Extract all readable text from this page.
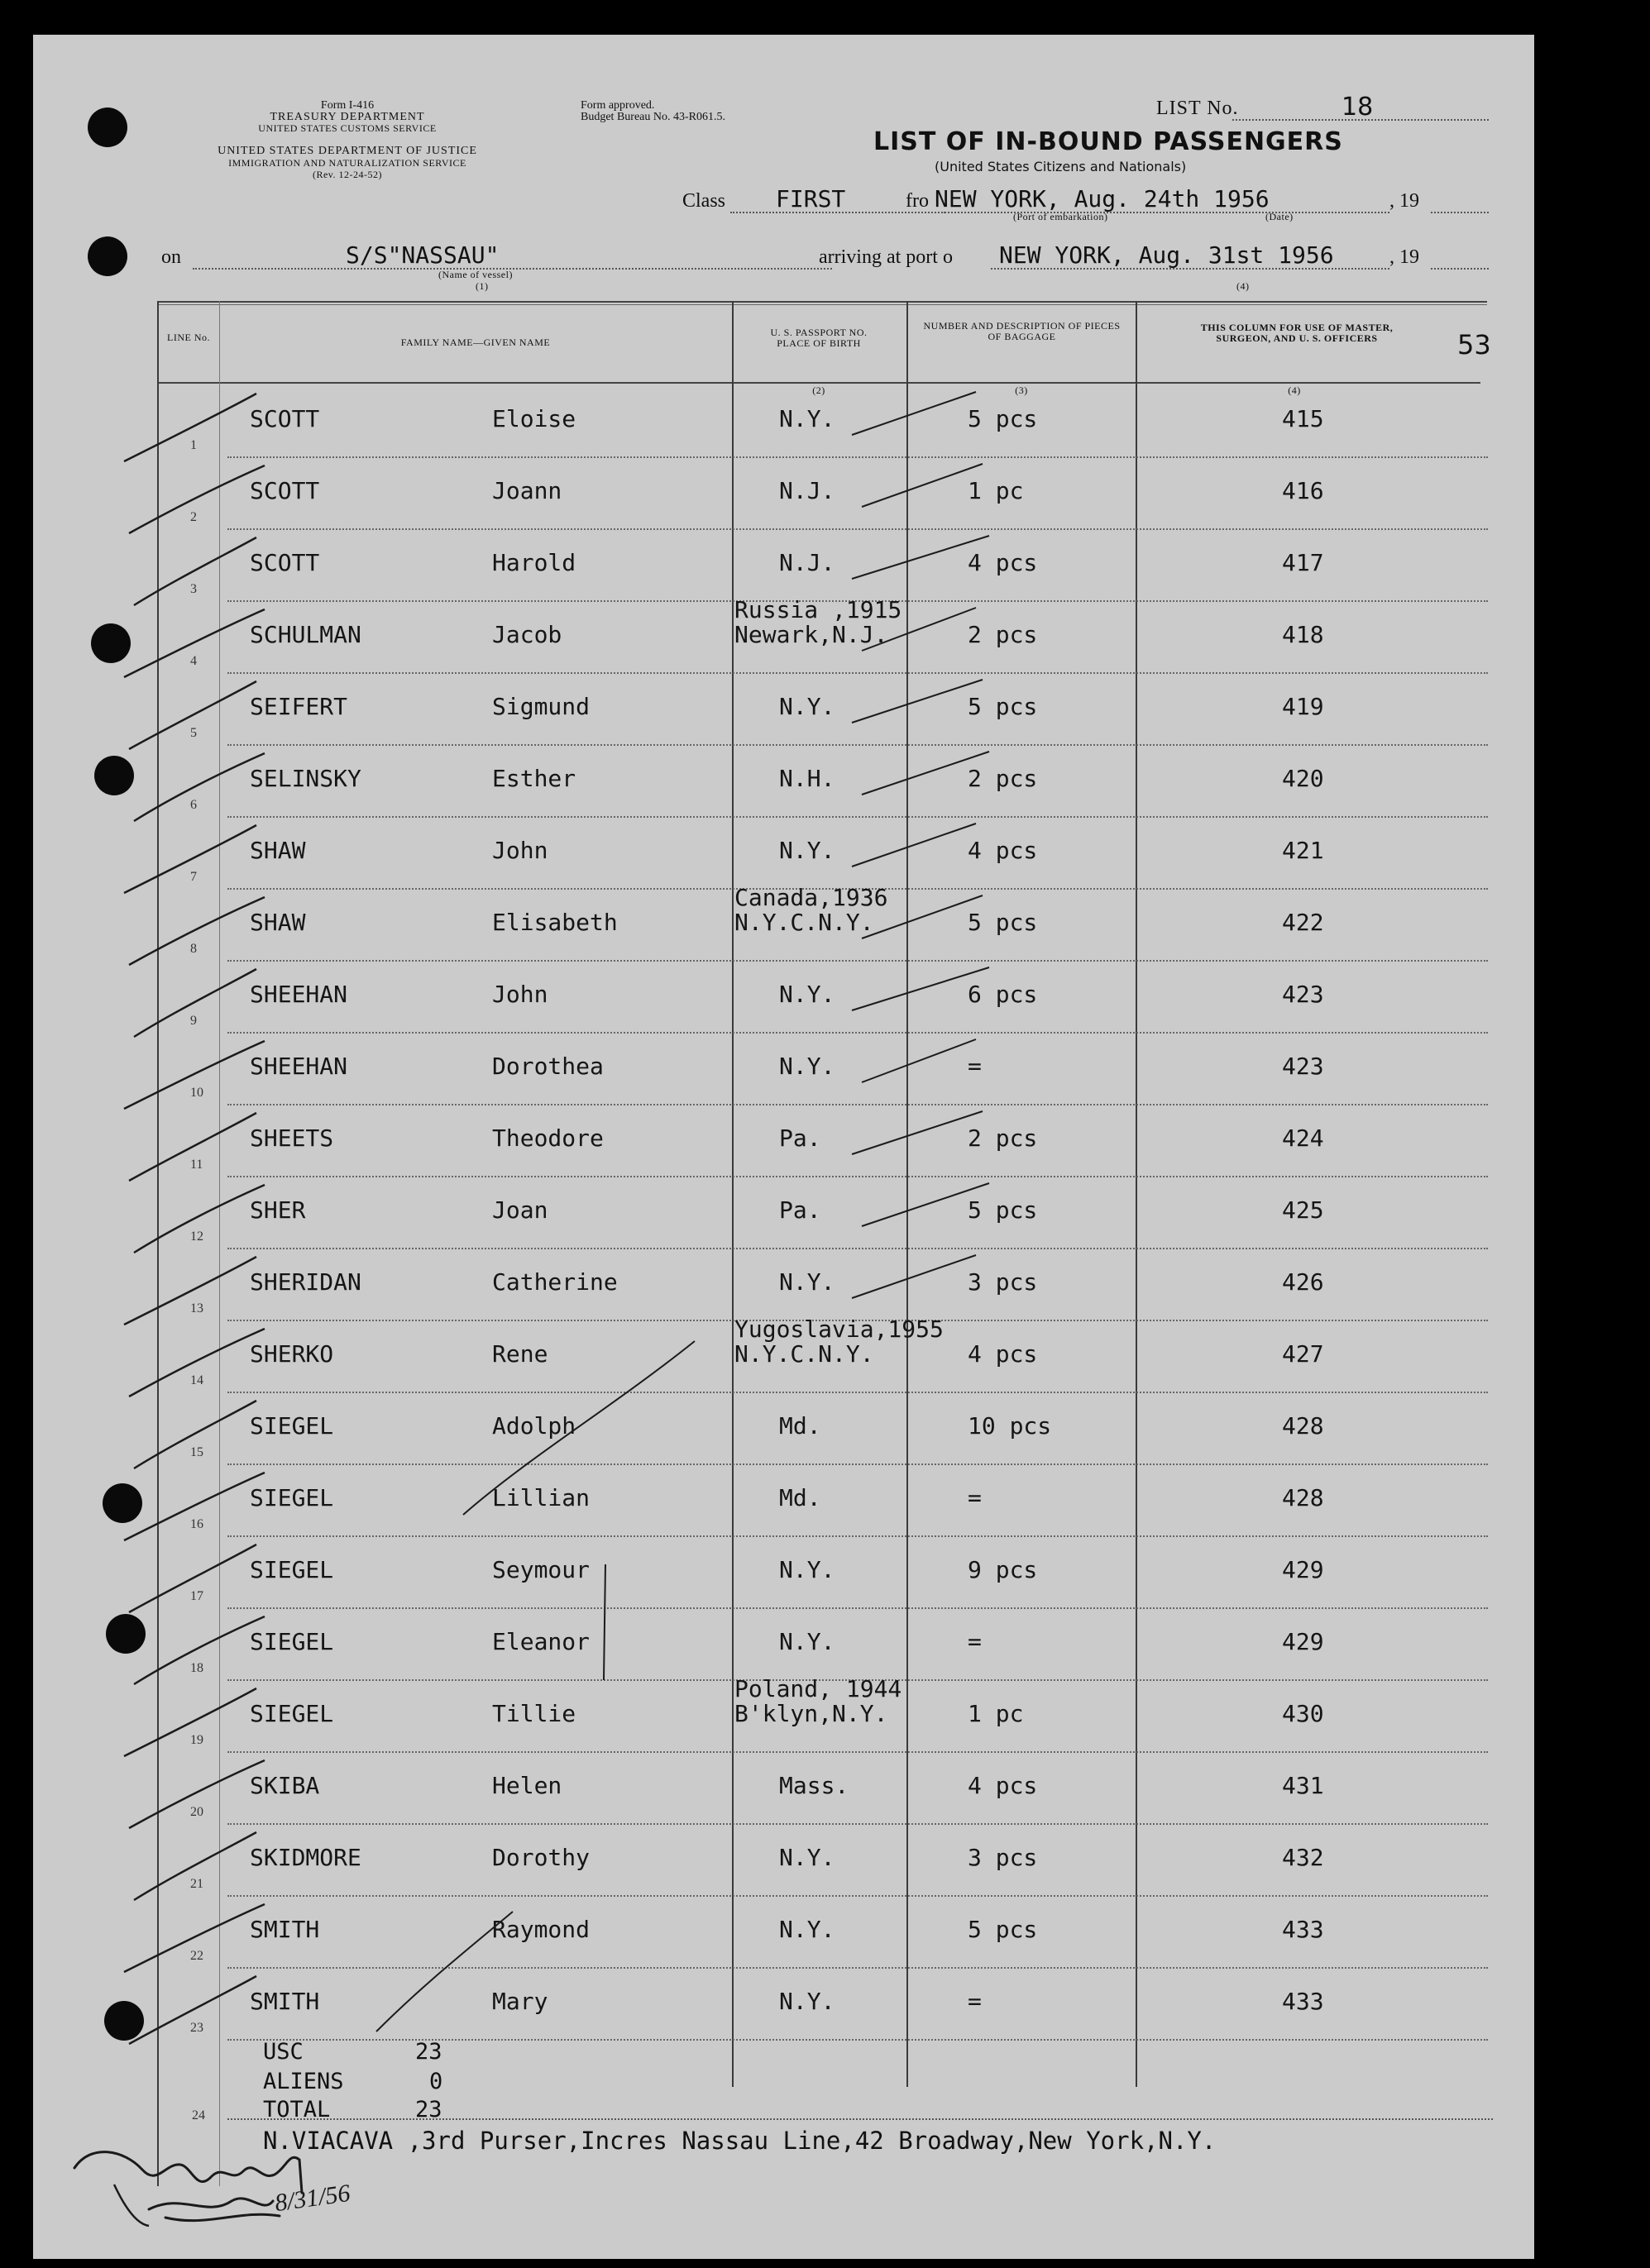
Form I-416
TREASURY DEPARTMENT
UNITED STATES CUSTOMS SERVICE
UNITED STATES DEPARTMENT OF JUSTICE
IMMIGRATION AND NATURALIZATION SERVICE
(Rev. 12-24-52)
Form approved.
Budget Bureau No. 43-R061.5.	LIST No.	18
LIST OF IN-BOUND PASSENGERS
(United States Citizens and Nationals)
Class FIRST	fro NEW YORK, Aug. 24th 1956	, 19
(Port of embarkation)	(Date)
on	S/S"NASSAU"
(Name of vessel)
(1)
arriving at port o NEW YORK, Aug. 31st 1956	, 19
(4)
53
LINE No.	FAMILY NAME—GIVEN NAME
U. S. PASSPORT NO. PLACE OF BIRTH
(2)
NUMBER AND DESCRIPTION OF PIECES OF BAGGAGE
(3)
THIS COLUMN FOR USE OF MASTER, SURGEON, AND U. S. OFFICERS
(4)
1
SCOTT	Eloise	N.Y.	5 pcs	415
2
SCOTT	Joann	N.J.	1 pc	416
3
SCOTT	Harold	N.J.	4 pcs	417
4
SCHULMAN	Jacob
Russia ,1915
Newark,N.J.	2 pcs	418
5
SEIFERT	Sigmund	N.Y.	5 pcs	419
6
SELINSKY	Esther	N.H.	2 pcs	420
7
SHAW	John	N.Y.	4 pcs	421
8
SHAW	Elisabeth
Canada,1936
N.Y.C.N.Y.	5 pcs	422
9
SHEEHAN	John	N.Y.	6 pcs	423
10
SHEEHAN	Dorothea	N.Y.	=	423
11
SHEETS	Theodore	Pa.	2 pcs	424
12
SHER	Joan	Pa.	5 pcs	425
13
SHERIDAN	Catherine	N.Y.	3 pcs	426
14
SHERKO	Rene
Yugoslavia,1955
N.Y.C.N.Y.	4 pcs	427
15
SIEGEL	Adolph	Md.	10 pcs	428
16
SIEGEL	Lillian	Md.	=	428
17
SIEGEL	Seymour	N.Y.	9 pcs	429
18
SIEGEL	Eleanor	N.Y.	=	429
19
SIEGEL	Tillie
Poland, 1944
B'klyn,N.Y.	1 pc	430
20
SKIBA	Helen	Mass.	4 pcs	431
21
SKIDMORE	Dorothy	N.Y.	3 pcs	432
22
SMITH	Raymond	N.Y.	5 pcs	433
23
SMITH	Mary	N.Y.	=	433
USC	23
ALIENS	0
TOTAL	23
24
N.VIACAVA ,3rd Purser,Incres Nassau Line,42 Broadway,New York,N.Y.
8/31/56
